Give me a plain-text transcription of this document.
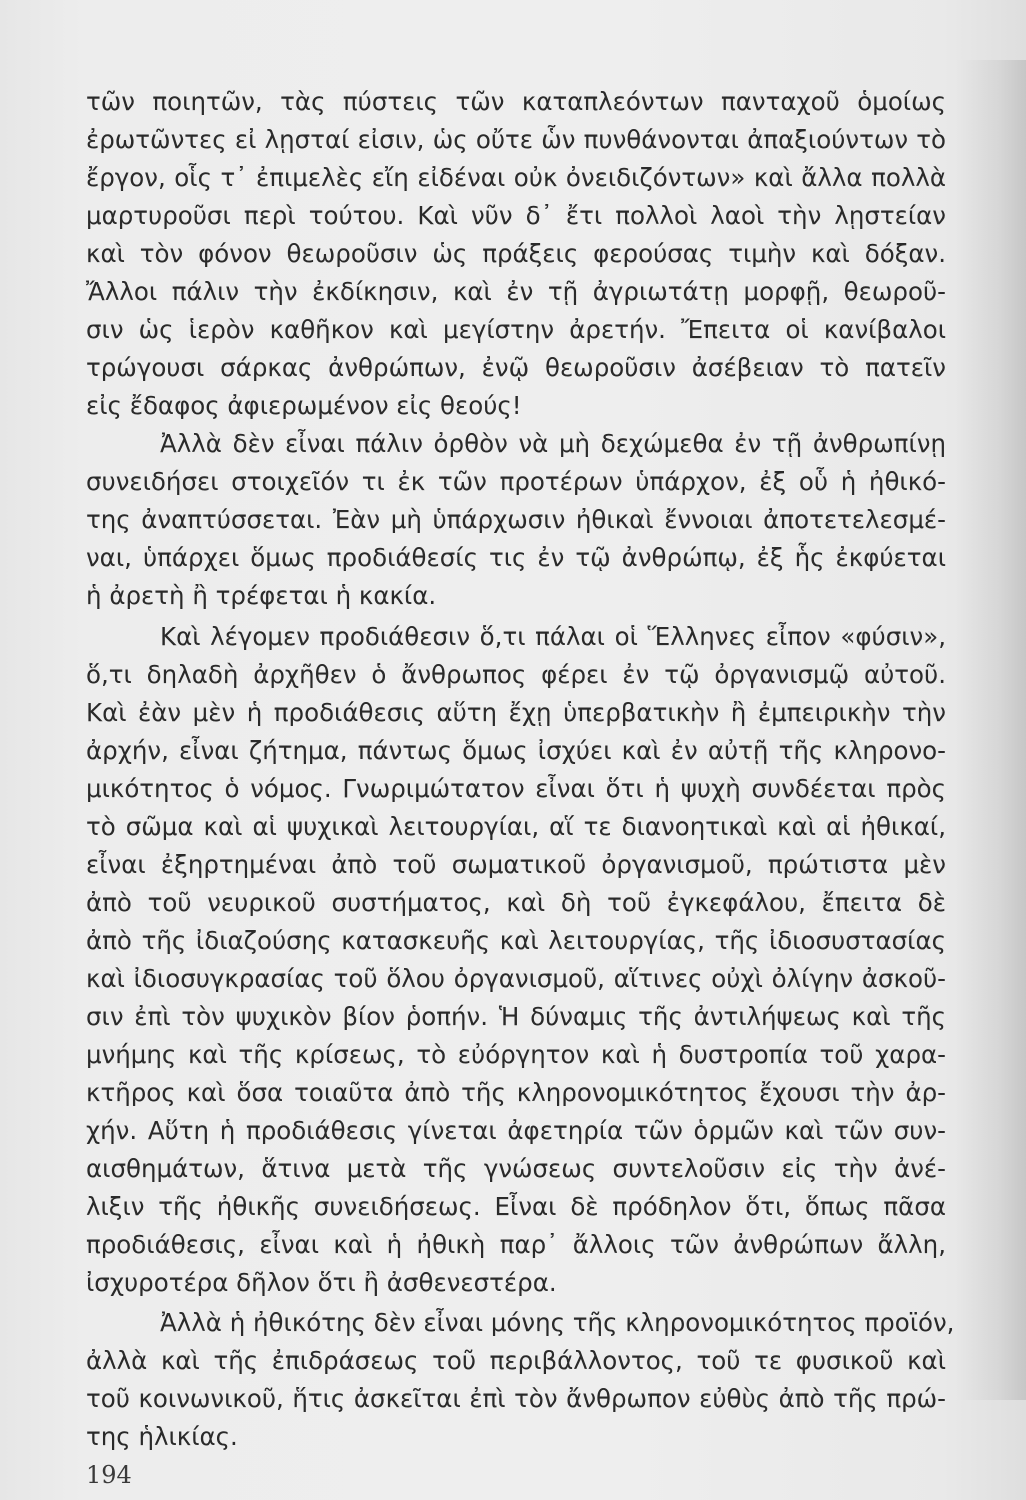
τῶν ποιητῶν, τὰς πύστεις τῶν καταπλεόντων πανταχοῦ ὁμοίως
ἐρωτῶντες εἰ λῃσταί εἰσιν, ὡς οὔτε ὧν πυνθάνονται ἀπαξιούντων τὸ
ἔργον, οἷς τ᾽ ἐπιμελὲς εἴη εἰδέναι οὐκ ὀνειδιζόντων» καὶ ἄλλα πολλὰ
μαρτυροῦσι περὶ τούτου. Καὶ νῦν δ᾽ ἔτι πολλοὶ λαοὶ τὴν λῃστείαν
καὶ τὸν φόνον θεωροῦσιν ὡς πράξεις φερούσας τιμὴν καὶ δόξαν.
Ἄλλοι πάλιν τὴν ἐκδίκησιν, καὶ ἐν τῇ ἀγριωτάτῃ μορφῇ, θεωροῦ-
σιν ὡς ἱερὸν καθῆκον καὶ μεγίστην ἀρετήν. Ἔπειτα οἱ κανίβαλοι
τρώγουσι σάρκας ἀνθρώπων, ἐνῷ θεωροῦσιν ἀσέβειαν τὸ πατεῖν
εἰς ἔδαφος ἀφιερωμένον εἰς θεούς!
Ἀλλὰ δὲν εἶναι πάλιν ὀρθὸν νὰ μὴ δεχώμεθα ἐν τῇ ἀνθρωπίνῃ
συνειδήσει στοιχεῖόν τι ἐκ τῶν προτέρων ὑπάρχον, ἐξ οὗ ἡ ἠθικό-
της ἀναπτύσσεται. Ἐὰν μὴ ὑπάρχωσιν ἠθικαὶ ἔννοιαι ἀποτετελεσμέ-
ναι, ὑπάρχει ὅμως προδιάθεσίς τις ἐν τῷ ἀνθρώπῳ, ἐξ ἧς ἐκφύεται
ἡ ἀρετὴ ἢ τρέφεται ἡ κακία.
Καὶ λέγομεν προδιάθεσιν ὅ,τι πάλαι οἱ Ἕλληνες εἶπον «φύσιν»,
ὅ,τι δηλαδὴ ἀρχῆθεν ὁ ἄνθρωπος φέρει ἐν τῷ ὀργανισμῷ αὐτοῦ.
Καὶ ἐὰν μὲν ἡ προδιάθεσις αὕτη ἔχῃ ὑπερβατικὴν ἢ ἐμπειρικὴν τὴν
ἀρχήν, εἶναι ζήτημα, πάντως ὅμως ἰσχύει καὶ ἐν αὐτῇ τῆς κληρονο-
μικότητος ὁ νόμος. Γνωριμώτατον εἶναι ὅτι ἡ ψυχὴ συνδέεται πρὸς
τὸ σῶμα καὶ αἱ ψυχικαὶ λειτουργίαι, αἵ τε διανοητικαὶ καὶ αἱ ἠθικαί,
εἶναι ἐξηρτημέναι ἀπὸ τοῦ σωματικοῦ ὀργανισμοῦ, πρώτιστα μὲν
ἀπὸ τοῦ νευρικοῦ συστήματος, καὶ δὴ τοῦ ἐγκεφάλου, ἔπειτα δὲ
ἀπὸ τῆς ἰδιαζούσης κατασκευῆς καὶ λειτουργίας, τῆς ἰδιοσυστασίας
καὶ ἰδιοσυγκρασίας τοῦ ὅλου ὀργανισμοῦ, αἵτινες οὐχὶ ὀλίγην ἀσκοῦ-
σιν ἐπὶ τὸν ψυχικὸν βίον ῥοπήν. Ἡ δύναμις τῆς ἀντιλήψεως καὶ τῆς
μνήμης καὶ τῆς κρίσεως, τὸ εὐόργητον καὶ ἡ δυστροπία τοῦ χαρα-
κτῆρος καὶ ὅσα τοιαῦτα ἀπὸ τῆς κληρονομικότητος ἔχουσι τὴν ἀρ-
χήν. Αὕτη ἡ προδιάθεσις γίνεται ἀφετηρία τῶν ὁρμῶν καὶ τῶν συν-
αισθημάτων, ἅτινα μετὰ τῆς γνώσεως συντελοῦσιν εἰς τὴν ἀνέ-
λιξιν τῆς ἠθικῆς συνειδήσεως. Εἶναι δὲ πρόδηλον ὅτι, ὅπως πᾶσα
προδιάθεσις, εἶναι καὶ ἡ ἠθικὴ παρ᾽ ἄλλοις τῶν ἀνθρώπων ἄλλη,
ἰσχυροτέρα δῆλον ὅτι ἢ ἀσθενεστέρα.
Ἀλλὰ ἡ ἠθικότης δὲν εἶναι μόνης τῆς κληρονομικότητος προϊόν,
ἀλλὰ καὶ τῆς ἐπιδράσεως τοῦ περιβάλλοντος, τοῦ τε φυσικοῦ καὶ
τοῦ κοινωνικοῦ, ἥτις ἀσκεῖται ἐπὶ τὸν ἄνθρωπον εὐθὺς ἀπὸ τῆς πρώ-
της ἡλικίας.
194
